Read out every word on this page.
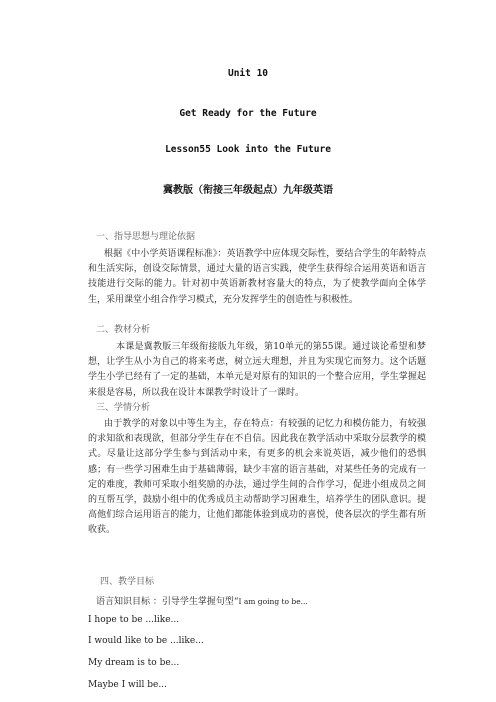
Unit 10
Get Ready for the Future
Lesson55 Look into the Future
冀教版（衔接三年级起点）九年级英语
一、指导思想与理论依据

根据《中小学英语课程标准》：英语教学中应体现交际性，要结合学生的年龄特点和生活实际，创设交际情景，通过大量的语言实践，使学生获得综合运用英语和语言技能进行交际的能力。针对初中英语新教材容量大的特点，为了使教学面向全体学生，采用课堂小组合作学习模式，充分发挥学生的创造性与积极性。

二、教材分析

本课是冀教版三年级衔接版九年级，第10单元的第55课。通过谈论希望和梦想，让学生从小为自己的将来考虑，树立远大理想，并且为实现它而努力。这个话题学生小学已经有了一定的基础，本单元是对原有的知识的一个整合应用，学生掌握起来很是容易，所以我在设计本课教学时设计了一课时。

三、学情分析

由于教学的对象以中等生为主，存在特点：有较强的记忆力和模仿能力，有较强的求知欲和表现欲，但部分学生存在不自信。因此我在教学活动中采取分层教学的模式。尽量让这部分学生参与到活动中来，有更多的机会来说英语，减少他们的恐惧感；有一些学习困难生由于基础薄弱，缺少丰富的语言基础，对某些任务的完成有一定的难度，教师可采取小组奖励的办法，通过学生间的合作学习，促进小组成员之间的互帮互学，鼓励小组中的优秀成员主动帮助学习困难生，培养学生的团队意识。提高他们综合运用语言的能力，让他们都能体验到成功的喜悦，使各层次的学生都有所收获。

四、教学目标
语言知识目标 ：引导学生掌握句型“I am going to be...
I hope to be ...like...
I would like to be ...like...
My dream is to be...
Maybe I will be...
